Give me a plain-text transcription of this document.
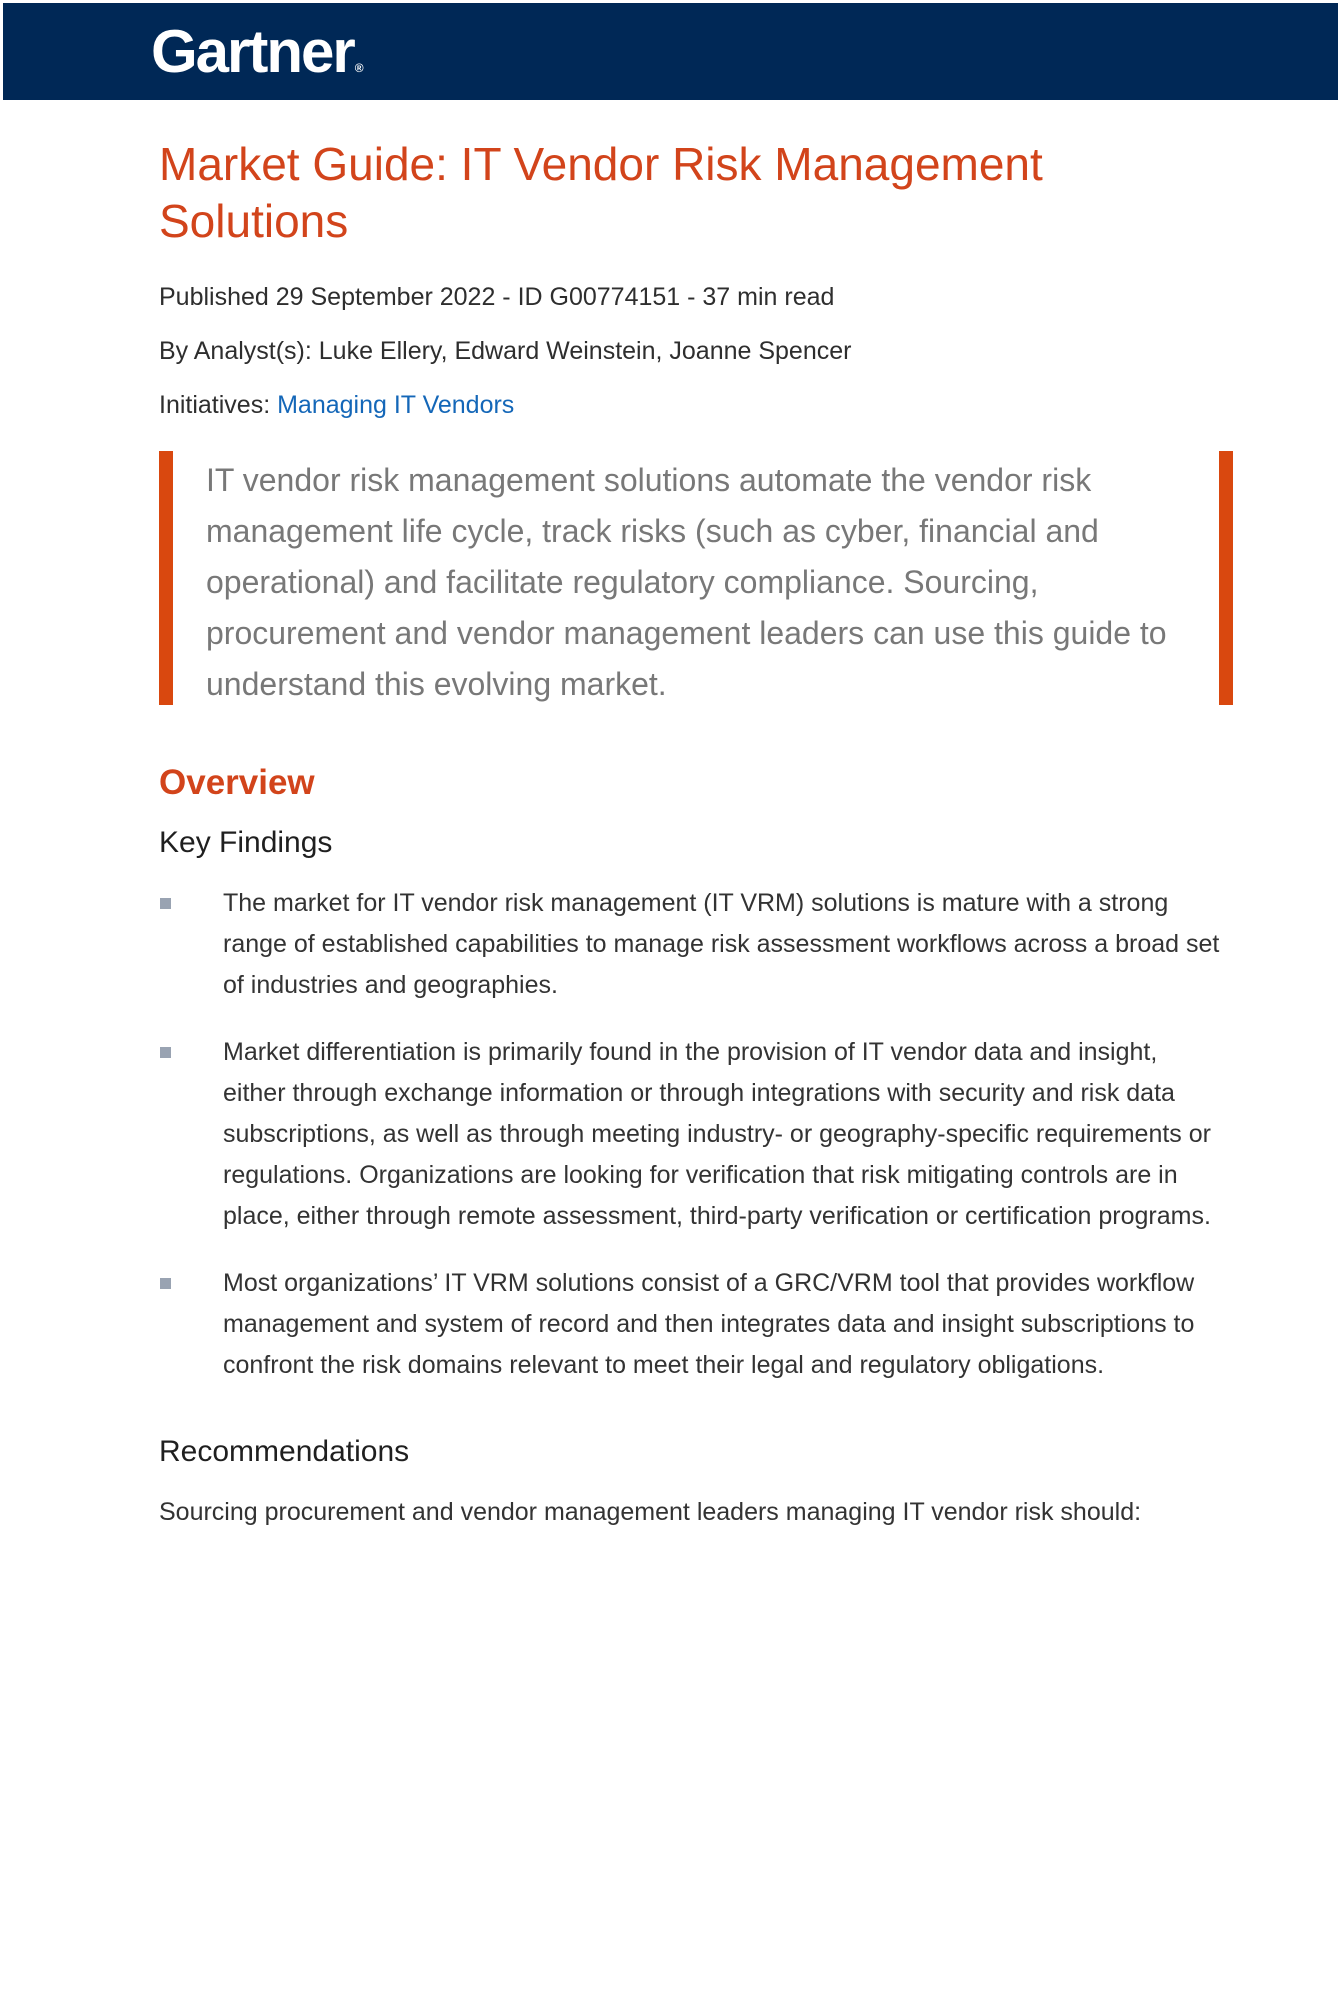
Gartner®
Market Guide: IT Vendor Risk Management Solutions
Published 29 September 2022 - ID G00774151 - 37 min read
By Analyst(s): Luke Ellery, Edward Weinstein, Joanne Spencer
Initiatives: Managing IT Vendors
IT vendor risk management solutions automate the vendor risk management life cycle, track risks (such as cyber, financial and operational) and facilitate regulatory compliance. Sourcing, procurement and vendor management leaders can use this guide to understand this evolving market.
Overview
Key Findings
The market for IT vendor risk management (IT VRM) solutions is mature with a strong range of established capabilities to manage risk assessment workflows across a broad set of industries and geographies.
Market differentiation is primarily found in the provision of IT vendor data and insight, either through exchange information or through integrations with security and risk data subscriptions, as well as through meeting industry- or geography-specific requirements or regulations. Organizations are looking for verification that risk mitigating controls are in place, either through remote assessment, third-party verification or certification programs.
Most organizations’ IT VRM solutions consist of a GRC/VRM tool that provides workflow management and system of record and then integrates data and insight subscriptions to confront the risk domains relevant to meet their legal and regulatory obligations.
Recommendations
Sourcing procurement and vendor management leaders managing IT vendor risk should:
